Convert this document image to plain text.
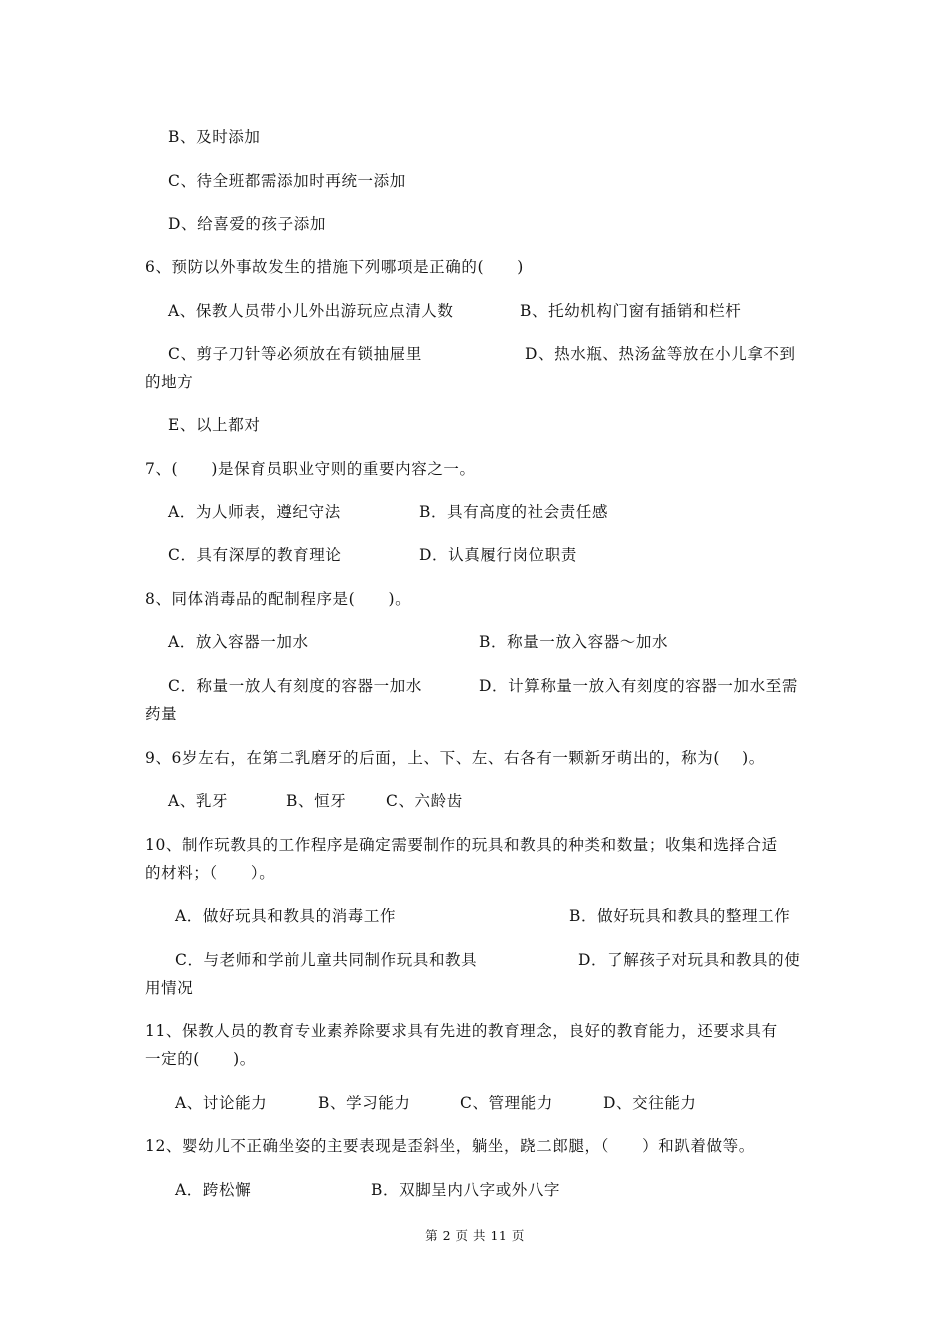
B、及时添加
C、待全班都需添加时再统一添加
D、给喜爱的孩子添加
6、预防以外事故发生的措施下列哪项是正确的(      )
A、保教人员带小儿外出游玩应点清人数	B、托幼机构门窗有插销和栏杆
C、剪子刀针等必须放在有锁抽屉里	D、热水瓶、热汤盆等放在小儿拿不到
的地方
E、以上都对
7、(      )是保育员职业守则的重要内容之一。
A．为人师表，遵纪守法	B．具有高度的社会责任感
C．具有深厚的教育理论	D．认真履行岗位职责
8、同体消毒品的配制程序是(      )。
A．放入容器一加水	B．称量一放入容器～加水
C．称量一放人有刻度的容器一加水	D．计算称量一放入有刻度的容器一加水至需
药量
9、6岁左右，在第二乳磨牙的后面，上、下、左、右各有一颗新牙萌出的，称为(    )。
A、乳牙	B、恒牙	C、六龄齿
10、制作玩教具的工作程序是确定需要制作的玩具和教具的种类和数量；收集和选择合适
的材料；（      ）。
A．做好玩具和教具的消毒工作	B．做好玩具和教具的整理工作
C．与老师和学前儿童共同制作玩具和教具	D．了解孩子对玩具和教具的使
用情况
11、保教人员的教育专业素养除要求具有先进的教育理念，良好的教育能力，还要求具有
一定的(      )。
A、讨论能力	B、学习能力	C、管理能力	D、交往能力
12、婴幼儿不正确坐姿的主要表现是歪斜坐，躺坐，跷二郎腿，（      ）和趴着做等。
A．跨松懈	B．双脚呈内八字或外八字
第 2 页 共 11 页
